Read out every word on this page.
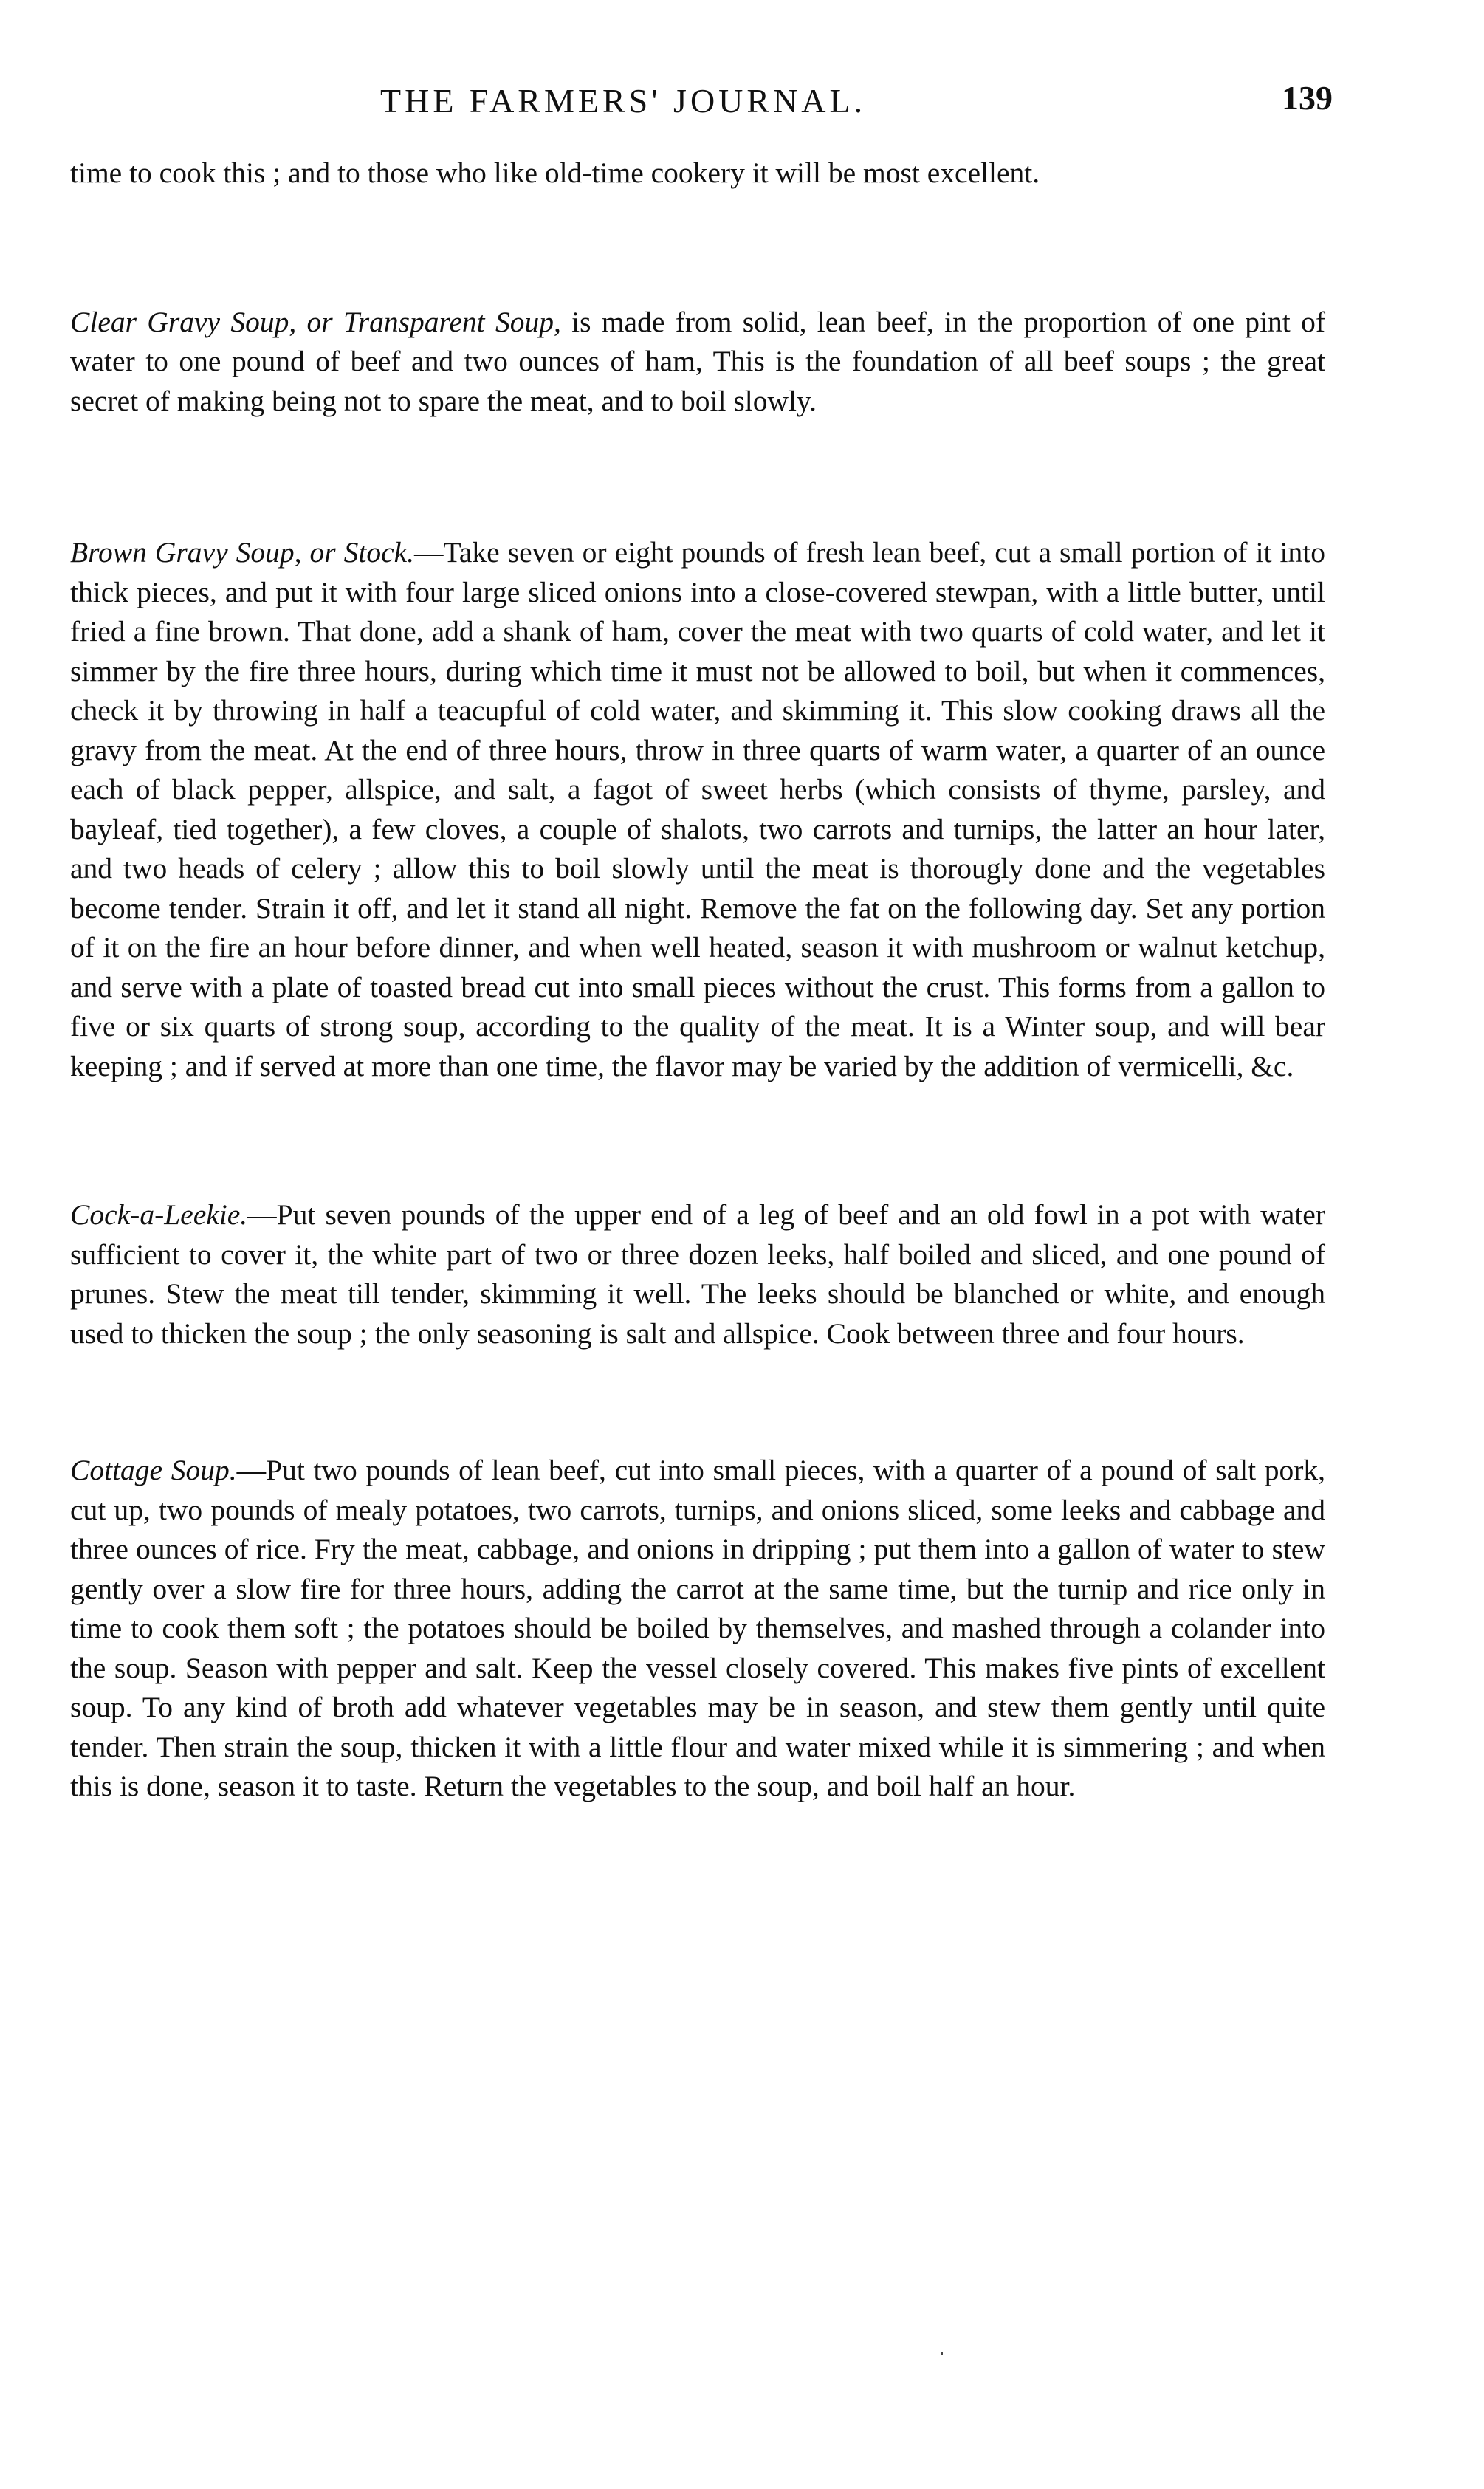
THE FARMERS' JOURNAL.	139

time to cook this ; and to those who like old-time cookery it will be most excellent.

Clear Gravy Soup, or Transparent Soup, is made from solid, lean beef, in the proportion of one pint of water to one pound of beef and two ounces of ham, This is the foundation of all beef soups ; the great secret of making being not to spare the meat, and to boil slowly.

Brown Gravy Soup, or Stock.—Take seven or eight pounds of fresh lean beef, cut a small portion of it into thick pieces, and put it with four large sliced onions into a close-covered stewpan, with a little butter, until fried a fine brown. That done, add a shank of ham, cover the meat with two quarts of cold water, and let it simmer by the fire three hours, during which time it must not be allowed to boil, but when it commences, check it by throwing in half a teacupful of cold water, and skimming it. This slow cooking draws all the gravy from the meat. At the end of three hours, throw in three quarts of warm water, a quarter of an ounce each of black pepper, allspice, and salt, a fagot of sweet herbs (which consists of thyme, parsley, and bayleaf, tied together), a few cloves, a couple of shalots, two carrots and turnips, the latter an hour later, and two heads of celery ; allow this to boil slowly until the meat is thorougly done and the vegetables become tender. Strain it off, and let it stand all night. Remove the fat on the following day. Set any portion of it on the fire an hour before dinner, and when well heated, season it with mushroom or walnut ketchup, and serve with a plate of toasted bread cut into small pieces without the crust. This forms from a gallon to five or six quarts of strong soup, according to the quality of the meat. It is a Winter soup, and will bear keeping ; and if served at more than one time, the flavor may be varied by the addition of vermicelli, &c.

Cock-a-Leekie.—Put seven pounds of the upper end of a leg of beef and an old fowl in a pot with water sufficient to cover it, the white part of two or three dozen leeks, half boiled and sliced, and one pound of prunes. Stew the meat till tender, skimming it well. The leeks should be blanched or white, and enough used to thicken the soup ; the only seasoning is salt and allspice. Cook between three and four hours.

Cottage Soup.—Put two pounds of lean beef, cut into small pieces, with a quarter of a pound of salt pork, cut up, two pounds of mealy potatoes, two carrots, turnips, and onions sliced, some leeks and cabbage and three ounces of rice. Fry the meat, cabbage, and onions in dripping ; put them into a gallon of water to stew gently over a slow fire for three hours, adding the carrot at the same time, but the turnip and rice only in time to cook them soft ; the potatoes should be boiled by themselves, and mashed through a colander into the soup. Season with pepper and salt. Keep the vessel closely covered. This makes five pints of excellent soup. To any kind of broth add whatever vegetables may be in season, and stew them gently until quite tender. Then strain the soup, thicken it with a little flour and water mixed while it is simmering ; and when this is done, season it to taste. Return the vegetables to the soup, and boil half an hour.
